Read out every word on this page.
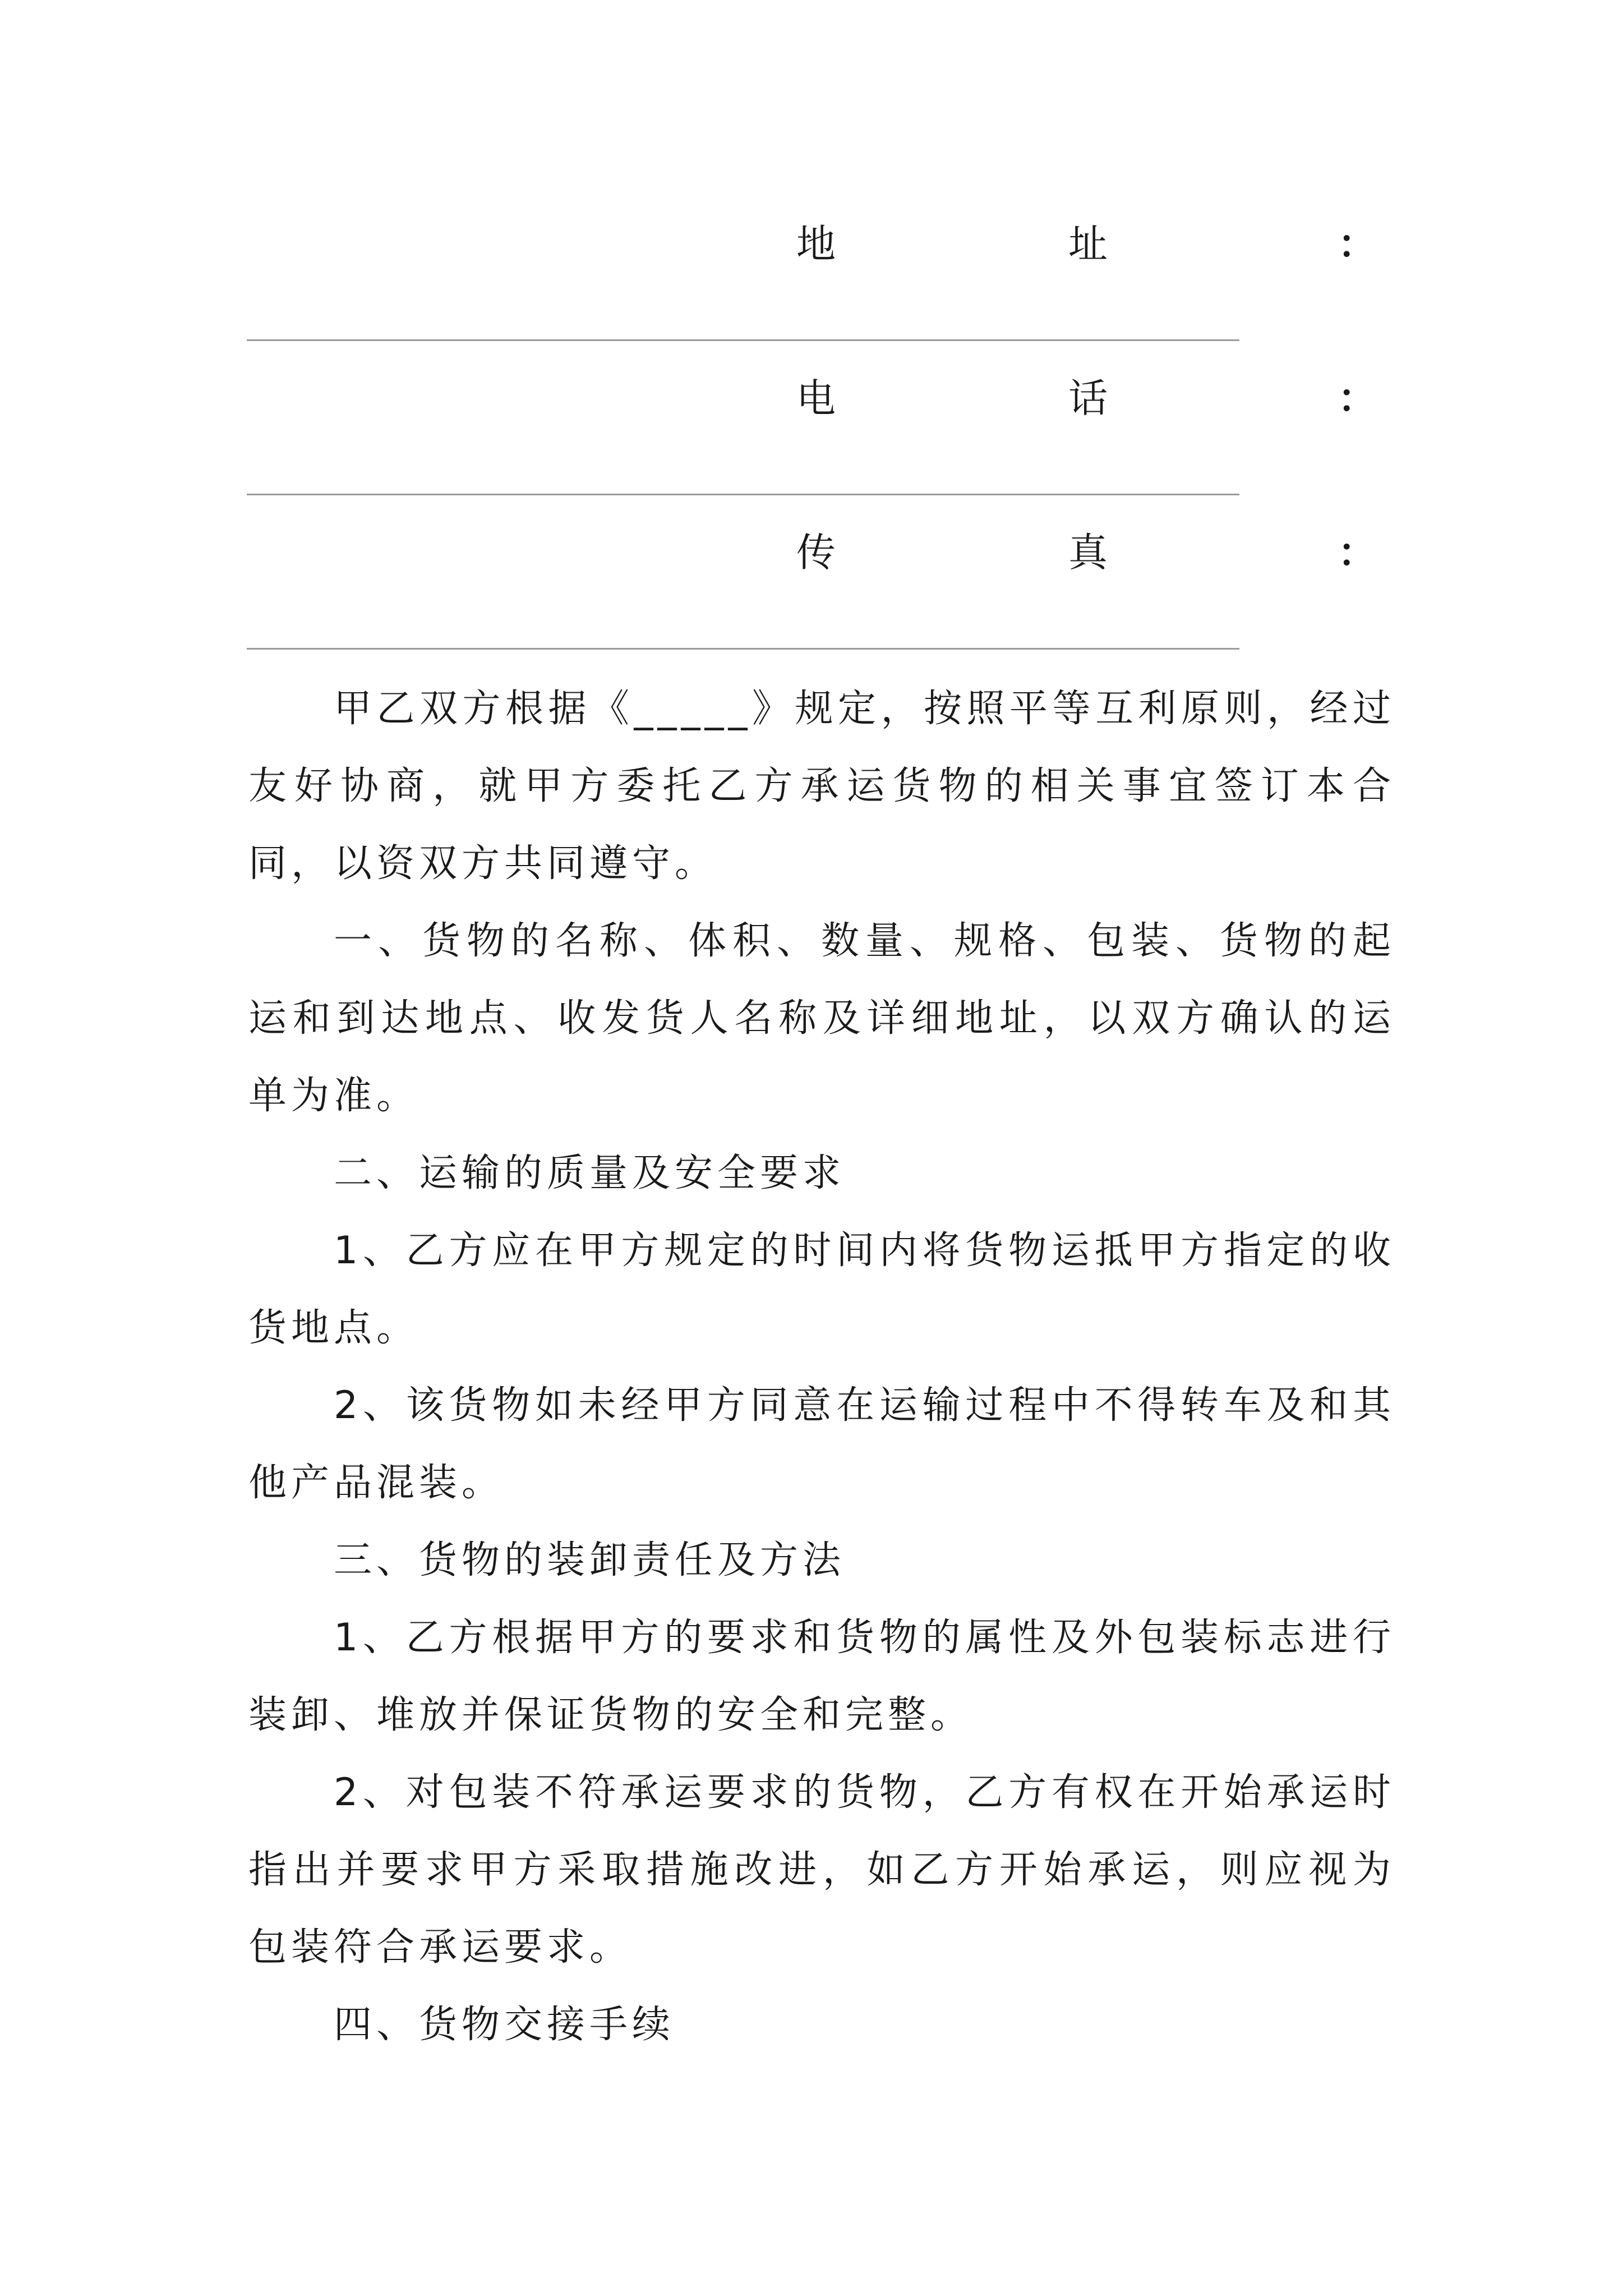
地	址	：
电	话	：
传	真	：

甲乙双方根据《_____》规定，按照平等互利原则，经过友好协商，就甲方委托乙方承运货物的相关事宜签订本合同，以资双方共同遵守。

一、货物的名称、体积、数量、规格、包装、货物的起运和到达地点、收发货人名称及详细地址，以双方确认的运单为准。

二、运输的质量及安全要求

1、乙方应在甲方规定的时间内将货物运抵甲方指定的收货地点。

2、该货物如未经甲方同意在运输过程中不得转车及和其他产品混装。

三、货物的装卸责任及方法

1、乙方根据甲方的要求和货物的属性及外包装标志进行装卸、堆放并保证货物的安全和完整。

2、对包装不符承运要求的货物，乙方有权在开始承运时指出并要求甲方采取措施改进，如乙方开始承运，则应视为包装符合承运要求。

四、货物交接手续
